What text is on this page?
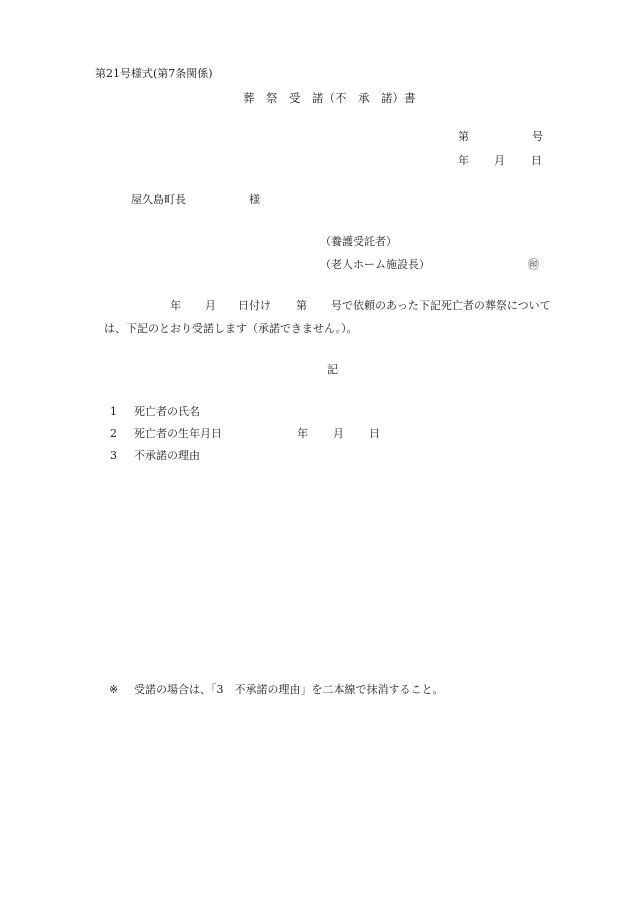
第21号様式(第7条関係)
葬　祭　受　諾（不　承　諾）書
第	号
年 月 日
屋久島町長	様
（養護受託者）
（老人ホーム施設長）	㊞
年 月 日付け 第 号で依頼のあった下記死亡者の葬祭について
は、下記のとおり受諾します（承諾できません。）。
記
1 死亡者の氏名
2 死亡者の生年月日	年 月 日
3 不承諾の理由
※ 受諾の場合は、「3　不承諾の理由」を二本線で抹消すること。
